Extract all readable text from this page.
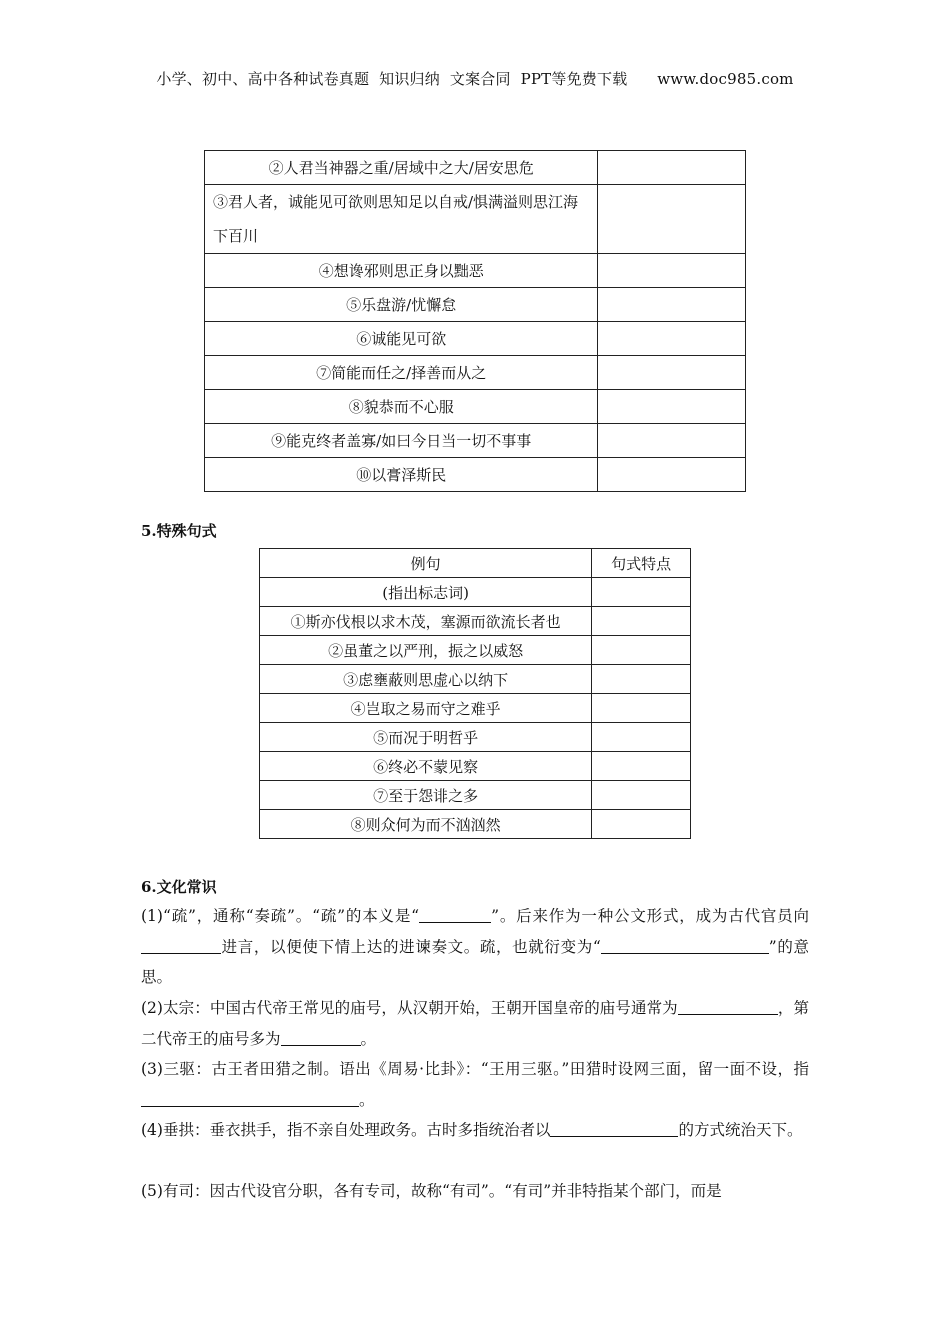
小学、初中、高中各种试卷真题  知识归纳  文案合同  PPT等免费下载      www.doc985.com
②人君当神器之重/居域中之大/居安思危	
③君人者，诚能见可欲则思知足以自戒/惧满溢则思江海下百川	
④想谗邪则思正身以黜恶	
⑤乐盘游/忧懈怠	
⑥诚能见可欲	
⑦简能而任之/择善而从之	
⑧貌恭而不心服	
⑨能克终者盖寡/如曰今日当一切不事事	
⑩以膏泽斯民	
5.特殊句式
例句	句式特点
(指出标志词)	
①斯亦伐根以求木茂，塞源而欲流长者也	
②虽董之以严刑，振之以威怒	
③虑壅蔽则思虚心以纳下	
④岂取之易而守之难乎	
⑤而况于明哲乎	
⑥终必不蒙见察	
⑦至于怨诽之多	
⑧则众何为而不汹汹然	
6.文化常识
(1)“疏”，通称“奏疏”。“疏”的本义是“	”。后来作为一种公文形式，成为古代官员向进言，以便使下情上达的进谏奏文。疏，也就衍变为“	”的意思。
(2)太宗：中国古代帝王常见的庙号，从汉朝开始，王朝开国皇帝的庙号通常为	，第二代帝王的庙号多为	。
(3)三驱：古王者田猎之制。语出《周易·比卦》：“王用三驱。”田猎时设网三面，留一面不设，指。
(4)垂拱：垂衣拱手，指不亲自处理政务。古时多指统治者以	的方式统治天下。
(5)有司：因古代设官分职，各有专司，故称“有司”。“有司”并非特指某个部门，而是
